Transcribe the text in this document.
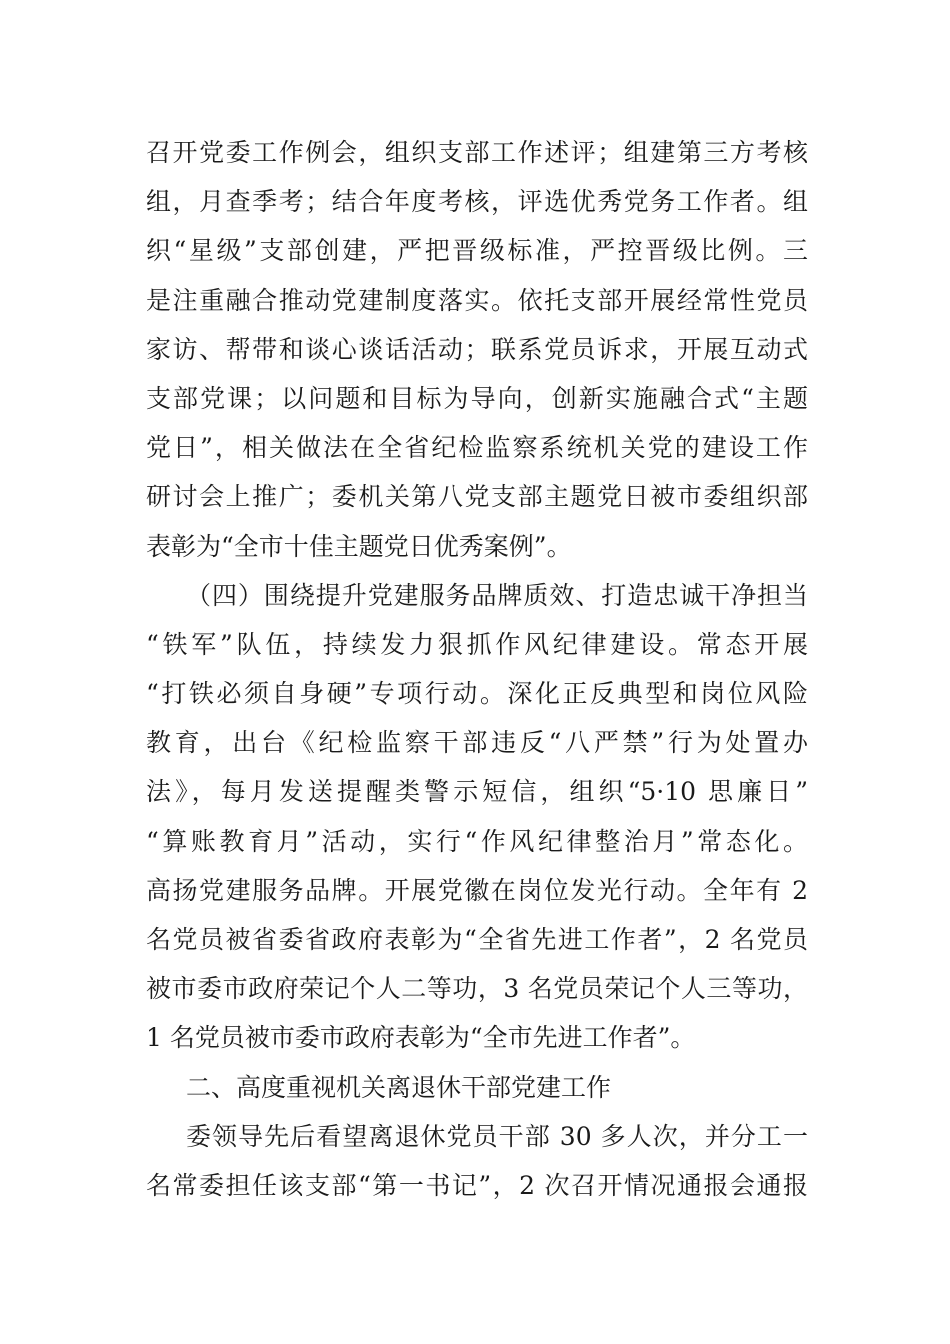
召开党委工作例会，组织支部工作述评；组建第三方考核
组，月查季考；结合年度考核，评选优秀党务工作者。组
织“星级”支部创建，严把晋级标准，严控晋级比例。三
是注重融合推动党建制度落实。依托支部开展经常性党员
家访、帮带和谈心谈话活动；联系党员诉求，开展互动式
支部党课；以问题和目标为导向，创新实施融合式“主题
党日”，相关做法在全省纪检监察系统机关党的建设工作
研讨会上推广；委机关第八党支部主题党日被市委组织部
表彰为“全市十佳主题党日优秀案例”。
（四）围绕提升党建服务品牌质效、打造忠诚干净担当
“铁军”队伍，持续发力狠抓作风纪律建设。常态开展
“打铁必须自身硬”专项行动。深化正反典型和岗位风险
教育，出台《纪检监察干部违反“八严禁”行为处置办
法》，每月发送提醒类警示短信，组织“5·10 思廉日”
“算账教育月”活动，实行“作风纪律整治月”常态化。
高扬党建服务品牌。开展党徽在岗位发光行动。全年有 2
名党员被省委省政府表彰为“全省先进工作者”，2 名党员
被市委市政府荣记个人二等功，3 名党员荣记个人三等功，
1 名党员被市委市政府表彰为“全市先进工作者”。
二、高度重视机关离退休干部党建工作
委领导先后看望离退休党员干部 30 多人次，并分工一
名常委担任该支部“第一书记”，2 次召开情况通报会通报
